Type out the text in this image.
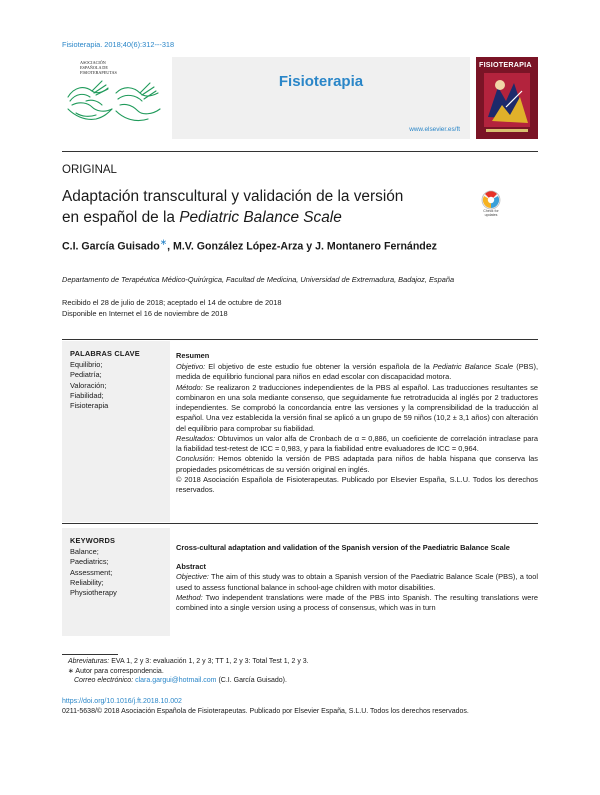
Fisioterapia. 2018;40(6):312---318
ASOCIACIÓN
ESPAÑOLA DE
FISIOTERAPEUTAS
Fisioterapia
www.elsevier.es/ft
FISIOTERAPIA
ORIGINAL
Adaptación transcultural y validación de la versión
en español de la Pediatric Balance Scale	Check for
updates
C.I. García Guisado∗, M.V. González López-Arza y J. Montanero Fernández
Departamento de Terapéutica Médico-Quirúrgica, Facultad de Medicina, Universidad de Extremadura, Badajoz, España
Recibido el 28 de julio de 2018; aceptado el 14 de octubre de 2018
Disponible en Internet el 16 de noviembre de 2018
PALABRAS CLAVE
Equilibrio;
Pediatría;
Valoración;
Fiabilidad;
Fisioterapia
Resumen

Objetivo: El objetivo de este estudio fue obtener la versión española de la Pediatric Balance Scale (PBS), medida de equilibrio funcional para niños en edad escolar con discapacidad motora.

Método: Se realizaron 2 traducciones independientes de la PBS al español. Las traducciones resultantes se combinaron en una sola mediante consenso, que seguidamente fue retrotraducida al inglés por 2 traductores independientes. Se comprobó la concordancia entre las versiones y la comprensibilidad de la traducción al español. Una vez establecida la versión final se aplicó a un grupo de 59 niños (10,2 ± 3,1 años) con alteración del equilibrio para comprobar su fiabilidad.

Resultados: Obtuvimos un valor alfa de Cronbach de α = 0,886, un coeficiente de correlación intraclase para la fiabilidad test-retest de ICC = 0,983, y para la fiabilidad entre evaluadores de ICC = 0,964.

Conclusión: Hemos obtenido la versión de PBS adaptada para niños de habla hispana que conserva las propiedades psicométricas de su versión original en inglés.

© 2018 Asociación Española de Fisioterapeutas. Publicado por Elsevier España, S.L.U. Todos los derechos reservados.

KEYWORDS
Balance;
Paediatrics;
Assessment;
Reliability;
Physiotherapy
Cross-cultural adaptation and validation of the Spanish version of the Paediatric Balance Scale
Abstract

Objective: The aim of this study was to obtain a Spanish version of the Paediatric Balance Scale (PBS), a tool used to assess functional balance in school-age children with motor disabilities.

Method: Two independent translations were made of the PBS into Spanish. The resulting translations were combined into a single version using a process of consensus, which was in turn

Abreviaturas: EVA 1, 2 y 3: evaluación 1, 2 y 3; TT 1, 2 y 3: Total Test 1, 2 y 3.
∗ Autor para correspondencia.
Correo electrónico: clara.gargui@hotmail.com (C.I. García Guisado).
https://doi.org/10.1016/j.ft.2018.10.002
0211-5638/© 2018 Asociación Española de Fisioterapeutas. Publicado por Elsevier España, S.L.U. Todos los derechos reservados.
